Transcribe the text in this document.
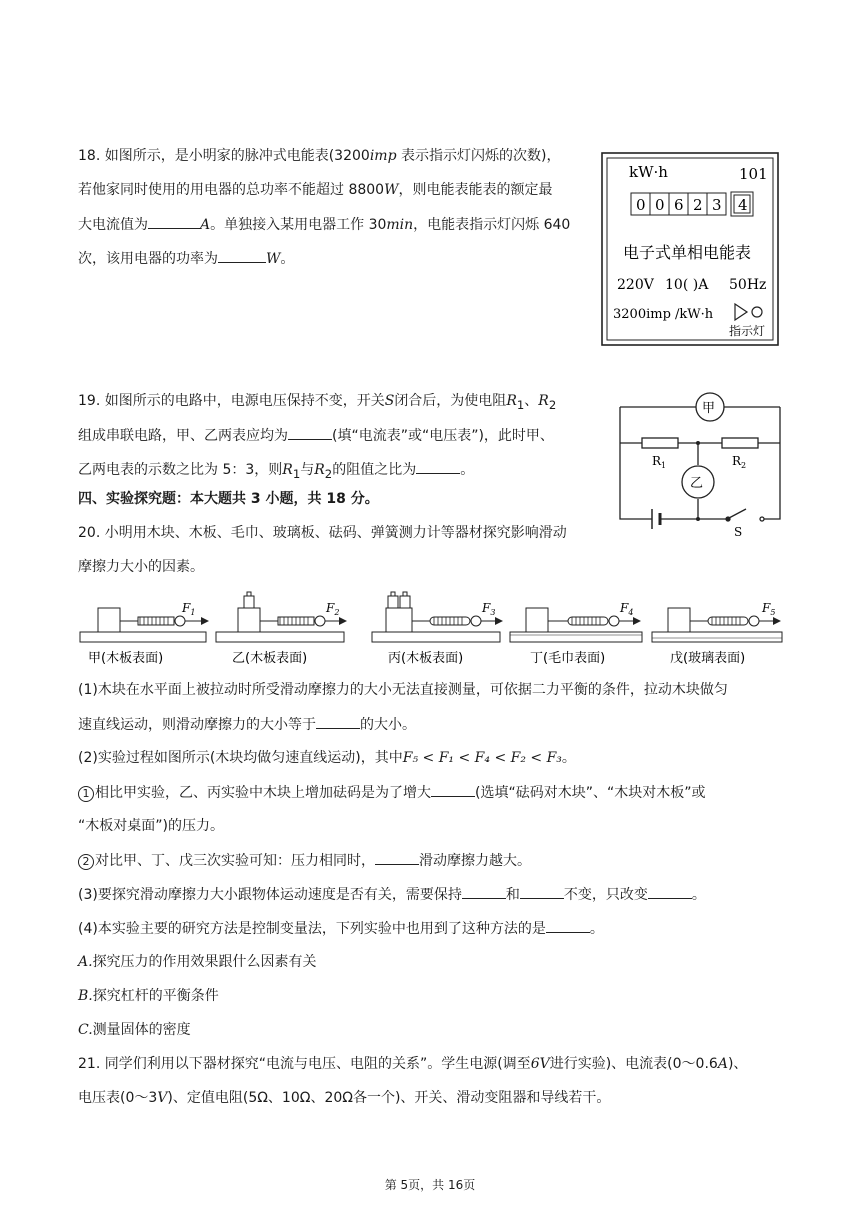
18. 如图所示，是小明家的脉冲式电能表(3200imp 表示指示灯闪烁的次数)，
若他家同时使用的用电器的总功率不能超过 8800W，则电能表能表的额定最
大电流值为	A。单独接入某用电器工作 30min，电能表指示灯闪烁 640
次，该用电器的功率为	W。
kW·h	101
0 0 6 2 3 4
电子式单相电能表
220V 10( )A 50Hz
3200imp /kW·h
指示灯
19. 如图所示的电路中，电源电压保持不变，开关S闭合后，为使电阻$R_1$、$R_2$
组成串联电路，甲、乙两表应均为	(填“电流表”或“电压表”)，此时甲、
乙两电表的示数之比为 5：3，则$R_1$与$R_2$的阻值之比为	。
甲
乙
$R_1$	$R_2$
S
四、实验探究题：本大题共 3 小题，共 18 分。
20. 小明用木块、木板、毛巾、玻璃板、砝码、弹簧测力计等器材探究影响滑动
摩擦力大小的因素。
$F_1$
甲(木板表面)
$F_2$
乙(木板表面)
$F_3$
丙(木板表面)
$F_4$
丁(毛巾表面)
$F_5$
戊(玻璃表面)
(1)木块在水平面上被拉动时所受滑动摩擦力的大小无法直接测量，可依据二力平衡的条件，拉动木块做匀
速直线运动，则滑动摩擦力的大小等于	的大小。
(2)实验过程如图所示(木块均做匀速直线运动)，其中F₅ < F₁ < F₄ < F₂ < F₃。
1 相比甲实验，乙、丙实验中木块上增加砝码是为了增大	(选填“砝码对木块”、“木块对木板”或
“木板对桌面”)的压力。
2 对比甲、丁、戊三次实验可知：压力相同时，	滑动摩擦力越大。
(3)要探究滑动摩擦力大小跟物体运动速度是否有关，需要保持	和	不变，只改变	。
(4)本实验主要的研究方法是控制变量法，下列实验中也用到了这种方法的是	。
A.探究压力的作用效果跟什么因素有关
B.探究杠杆的平衡条件
C.测量固体的密度
21. 同学们利用以下器材探究“电流与电压、电阻的关系”。学生电源(调至6V进行实验)、电流表(0～0.6A)、
电压表(0～3V)、定值电阻(5Ω、10Ω、20Ω各一个)、开关、滑动变阻器和导线若干。
第 5页，共 16页
